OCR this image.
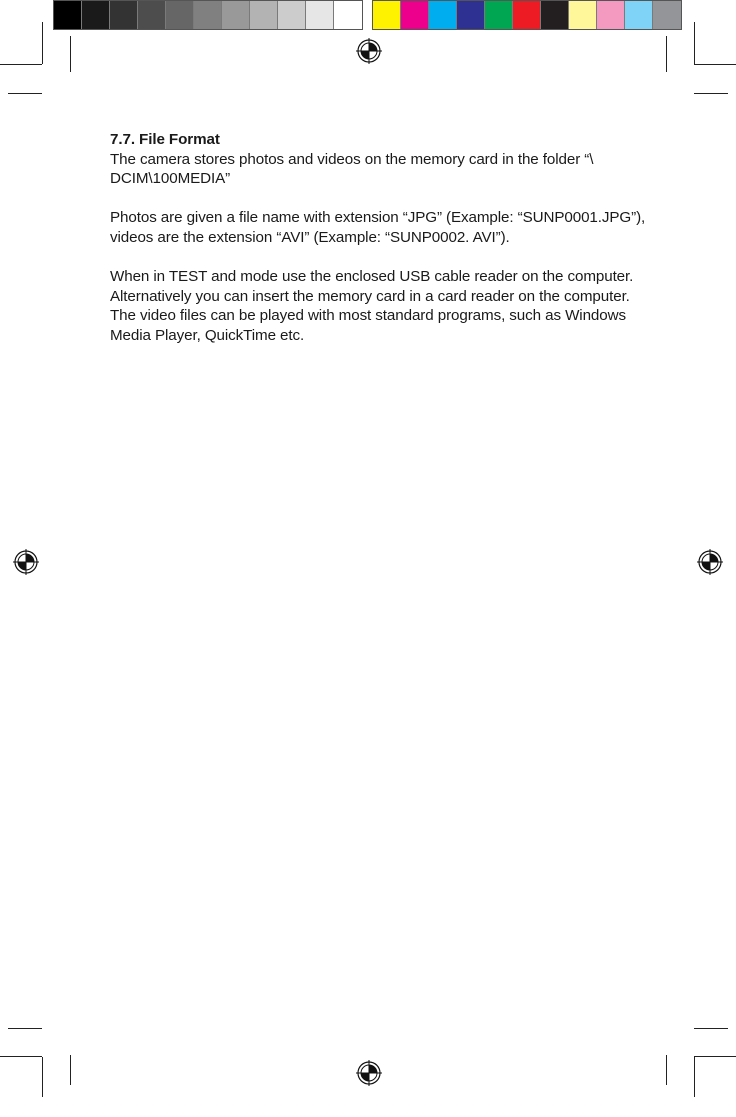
7.7. File Format

The camera stores photos and videos on the memory card in the folder “\ DCIM\100MEDIA”

Photos are given a file name with extension “JPG” (Example: “SUNP0001.JPG”), videos are the extension “AVI” (Example: “SUNP0002. AVI”).

When in TEST and mode use the enclosed USB cable reader on the computer. Alternatively you can insert the memory card in a card reader on the computer. The video files can be played with most standard programs, such as Windows Media Player, QuickTime etc.
